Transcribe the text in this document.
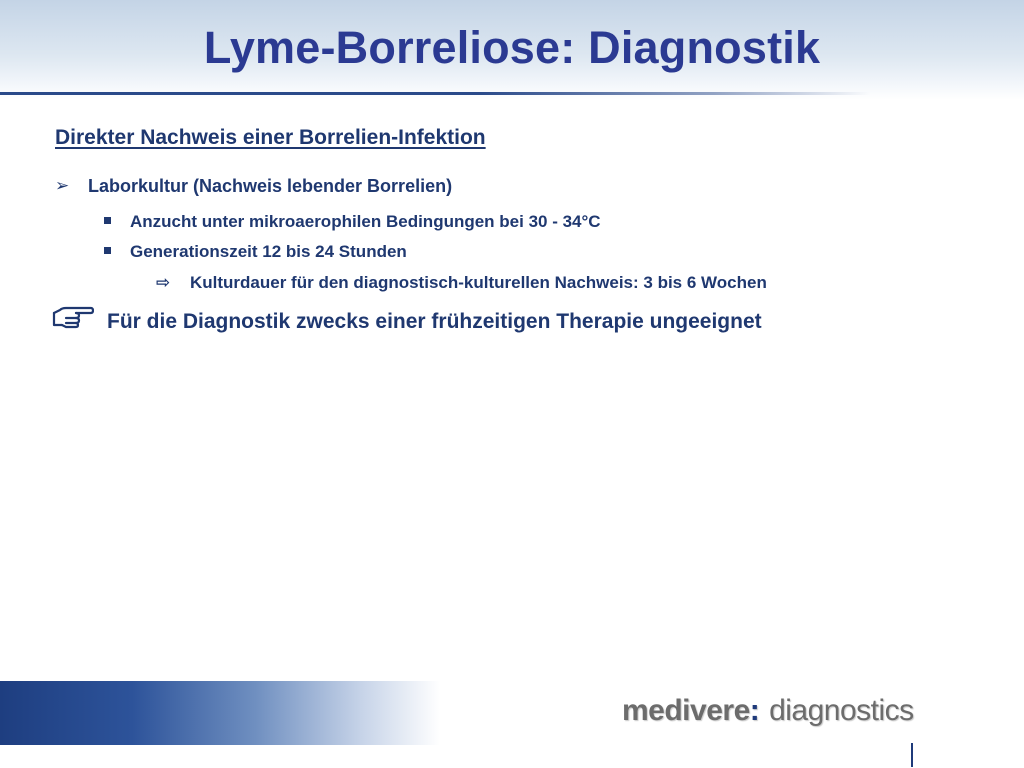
Lyme-Borreliose: Diagnostik
Direkter Nachweis einer Borrelien-Infektion
➢ Laborkultur (Nachweis lebender Borrelien)
Anzucht unter mikroaerophilen Bedingungen bei 30 - 34°C
Generationszeit 12 bis 24 Stunden
⇨ Kulturdauer für den diagnostisch-kulturellen Nachweis: 3 bis 6 Wochen
Für die Diagnostik zwecks einer frühzeitigen Therapie ungeeignet
medivere: diagnostics
